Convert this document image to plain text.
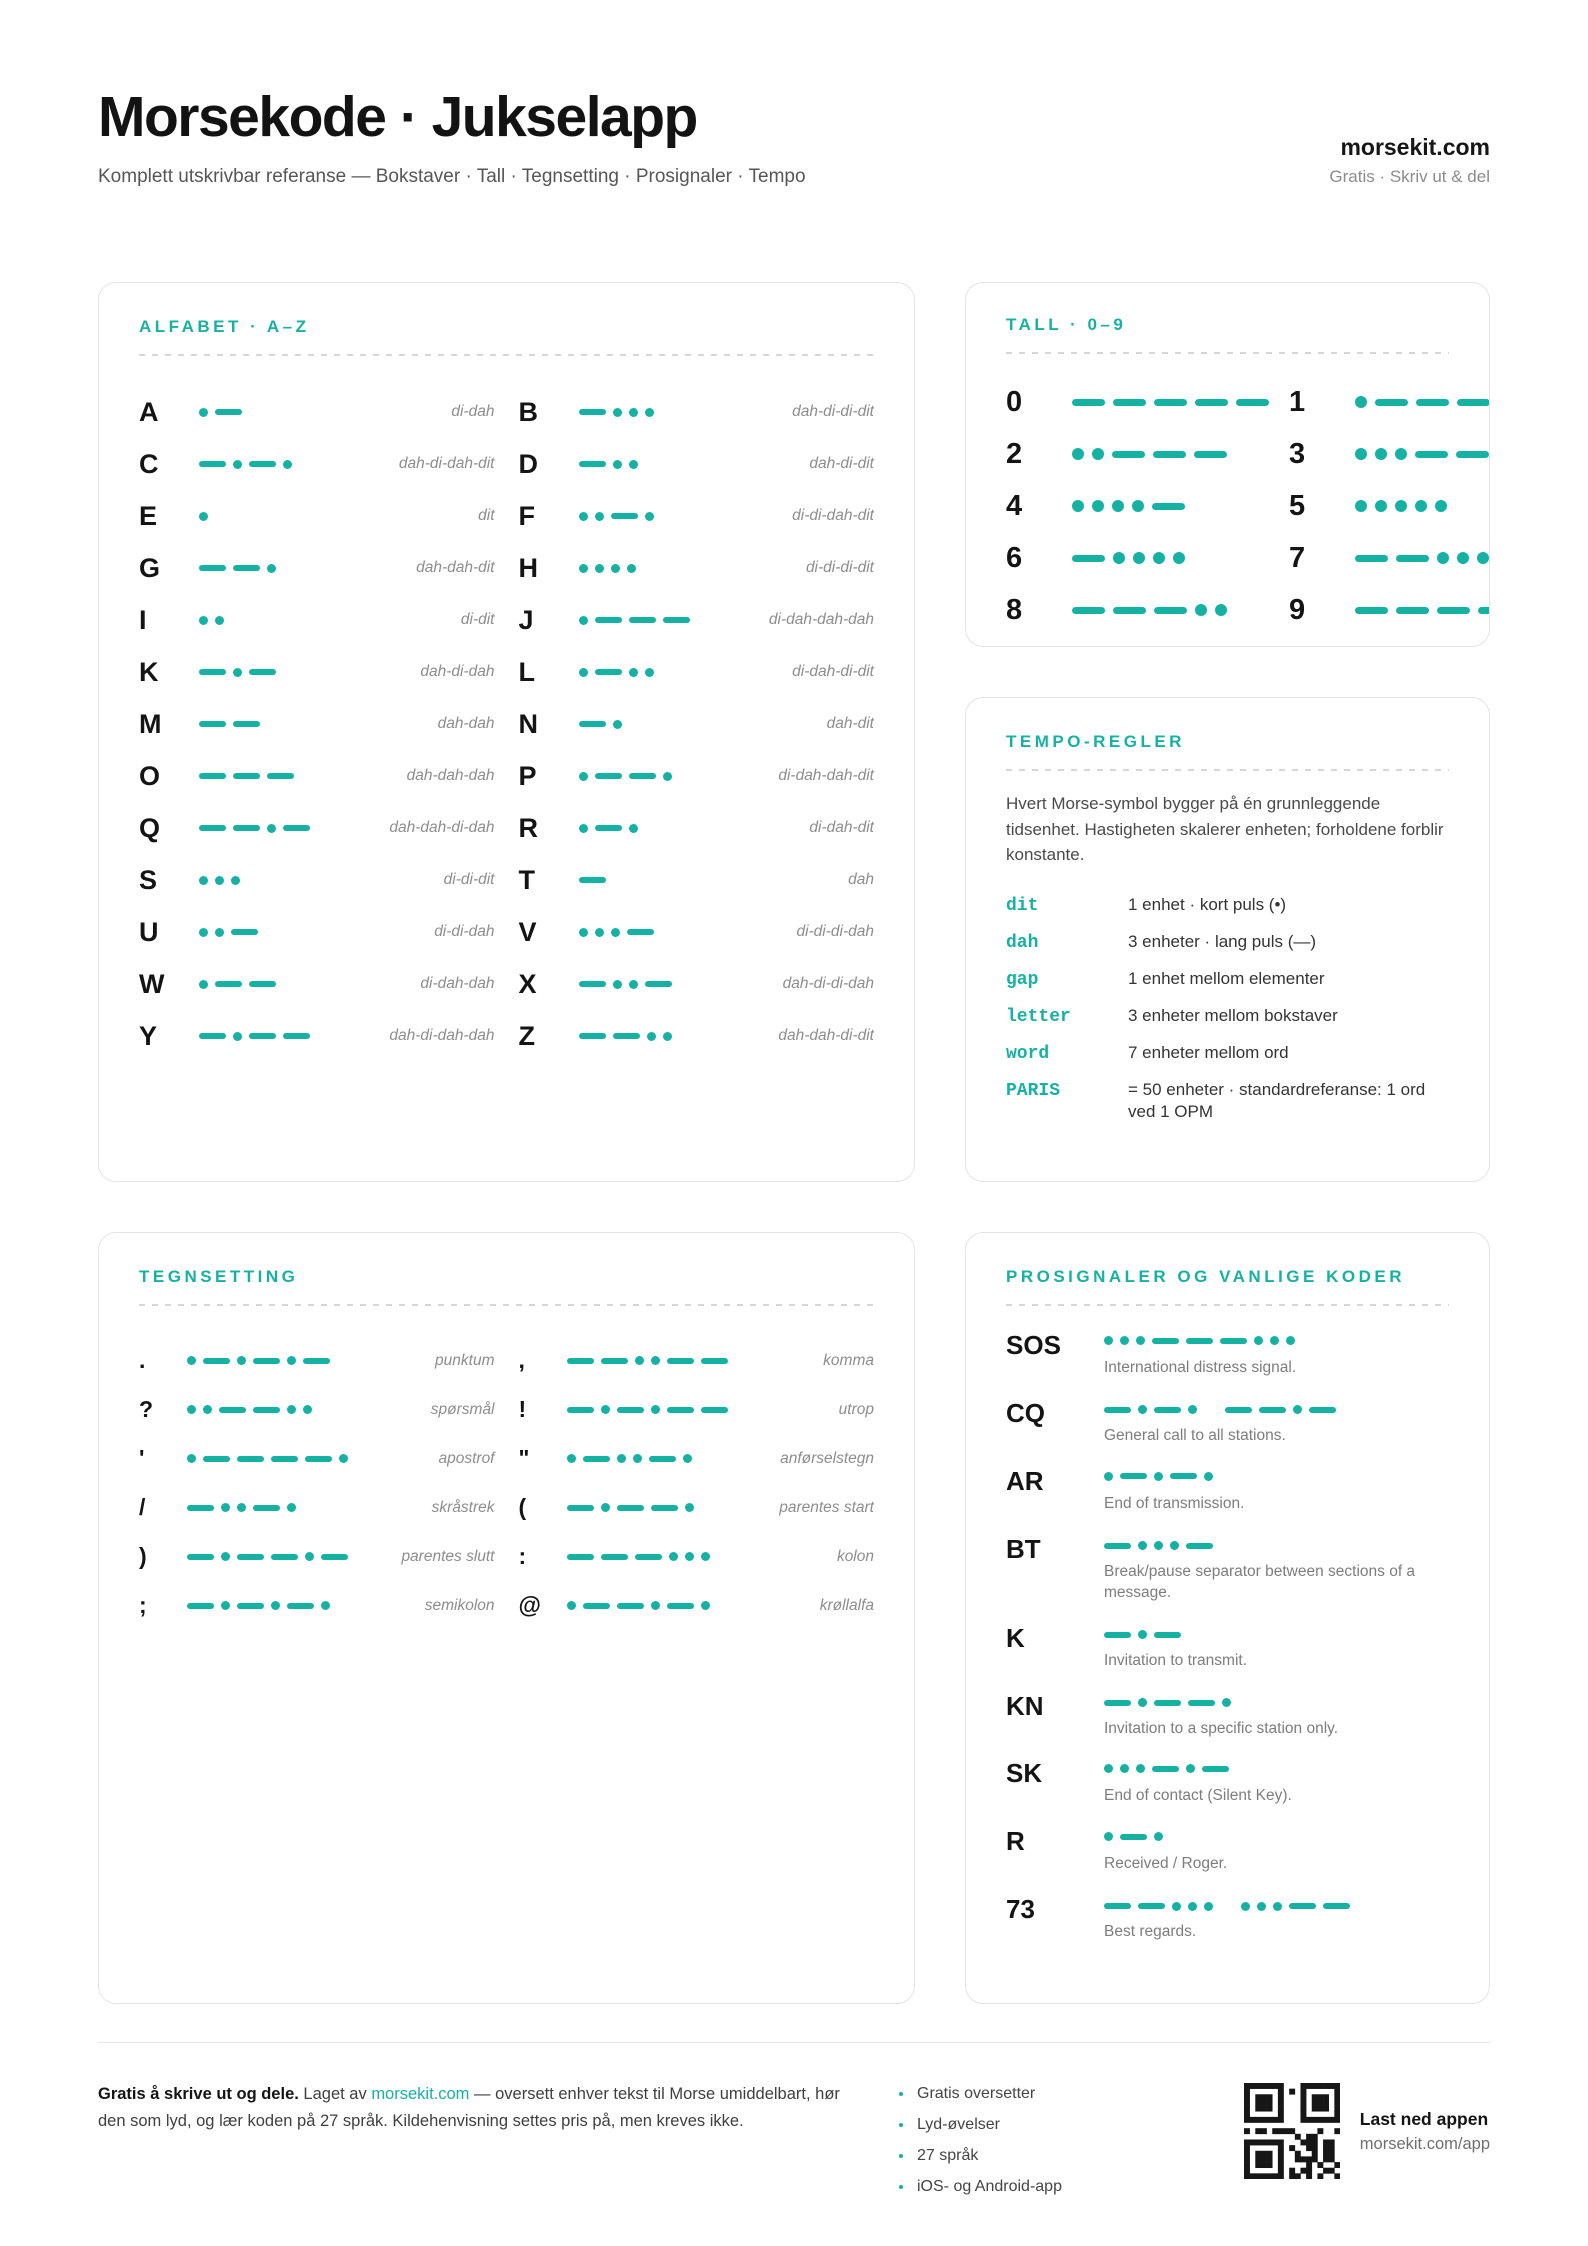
Morsekode · Jukselapp
Komplett utskrivbar referanse — Bokstaver · Tall · Tegnsetting · Prosignaler · Tempo
morsekit.com
Gratis · Skriv ut & del
ALFABET · A–Z
A	di-dah B	dah-di-di-dit
C	dah-di-dah-dit D	dah-di-dit
E	dit F	di-di-dah-dit
G	dah-dah-dit H	di-di-di-dit
I	di-dit J	di-dah-dah-dah
K	dah-di-dah L	di-dah-di-dit
M	dah-dah N	dah-dit
O	dah-dah-dah P	di-dah-dah-dit
Q	dah-dah-di-dah R	di-dah-dit
S	di-di-dit T	dah
U	di-di-dah V	di-di-di-dah
W	di-dah-dah X	dah-di-di-dah
Y	dah-di-dah-dah Z	dah-dah-di-dit
TEGNSETTING
.	punktum ,	komma
?	spørsmål !	utrop
'	apostrof "	anførselstegn
/	skråstrek (	parentes start
)	parentes slutt :	kolon
;	semikolon @	krøllalfa
TALL · 0–9
0	1
2	3
4	5
6	7
8	9
TEMPO-REGLER

Hvert Morse-symbol bygger på én grunnleggende tidsenhet. Hastigheten skalerer enheten; forholdene forblir konstante.

dit	1 enhet · kort puls (•)
dah	3 enheter · lang puls (—)
gap	1 enhet mellom elementer
letter	3 enheter mellom bokstaver
word	7 enheter mellom ord
PARIS	= 50 enheter · standardreferanse: 1 ord ved 1 OPM
PROSIGNALER OG VANLIGE KODER
SOS
International distress signal.
CQ
General call to all stations.
AR
End of transmission.
BT
Break/pause separator between sections of a message.
K
Invitation to transmit.
KN
Invitation to a specific station only.
SK
End of contact (Silent Key).
R
Received / Roger.
73
Best regards.

Gratis å skrive ut og dele. Laget av morsekit.com — oversett enhver tekst til Morse umiddelbart, hør den som lyd, og lær koden på 27 språk. Kildehenvisning settes pris på, men kreves ikke.

Gratis oversetter
Lyd-øvelser
27 språk
iOS- og Android-app
Last ned appen
morsekit.com/app
